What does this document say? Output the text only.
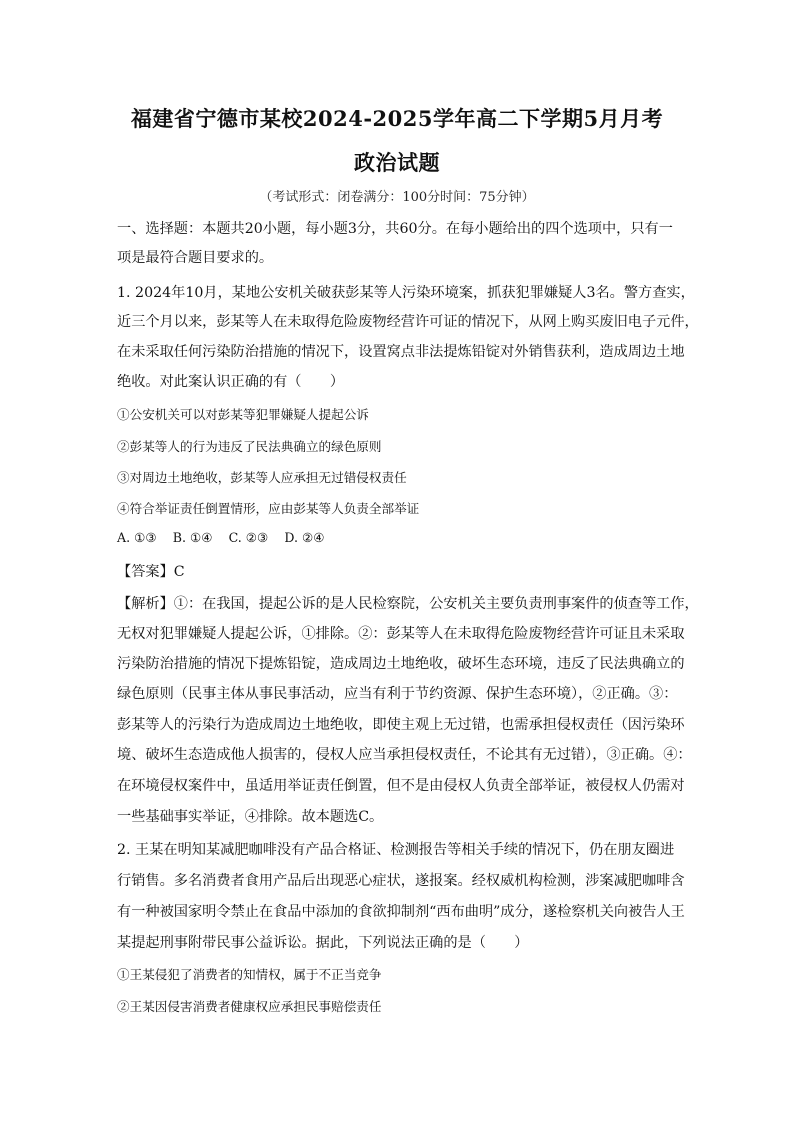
福建省宁德市某校2024-2025学年高二下学期5月月考
政治试题
（考试形式：闭卷满分：100分时间：75分钟）
一、选择题：本题共20小题，每小题3分，共60分。在每小题给出的四个选项中，只有一
项是最符合题目要求的。
1. 2024年10月，某地公安机关破获彭某等人污染环境案，抓获犯罪嫌疑人3名。警方查实，
近三个月以来，彭某等人在未取得危险废物经营许可证的情况下，从网上购买废旧电子元件，
在未采取任何污染防治措施的情况下，设置窝点非法提炼铅锭对外销售获利，造成周边土地
绝收。对此案认识正确的有（　　）
①公安机关可以对彭某等犯罪嫌疑人提起公诉
②彭某等人的行为违反了民法典确立的绿色原则
③对周边土地绝收，彭某等人应承担无过错侵权责任
④符合举证责任倒置情形，应由彭某等人负责全部举证
A. ①③ B. ①④ C. ②③ D. ②④
【答案】C
【解析】①：在我国，提起公诉的是人民检察院，公安机关主要负责刑事案件的侦查等工作，
无权对犯罪嫌疑人提起公诉，①排除。②：彭某等人在未取得危险废物经营许可证且未采取
污染防治措施的情况下提炼铅锭，造成周边土地绝收，破坏生态环境，违反了民法典确立的
绿色原则（民事主体从事民事活动，应当有利于节约资源、保护生态环境），②正确。③：
彭某等人的污染行为造成周边土地绝收，即使主观上无过错，也需承担侵权责任（因污染环
境、破坏生态造成他人损害的，侵权人应当承担侵权责任，不论其有无过错），③正确。④：
在环境侵权案件中，虽适用举证责任倒置，但不是由侵权人负责全部举证，被侵权人仍需对
一些基础事实举证，④排除。故本题选C。
2. 王某在明知某减肥咖啡没有产品合格证、检测报告等相关手续的情况下，仍在朋友圈进
行销售。多名消费者食用产品后出现恶心症状，遂报案。经权威机构检测，涉案减肥咖啡含
有一种被国家明令禁止在食品中添加的食欲抑制剂“西布曲明”成分，遂检察机关向被告人王
某提起刑事附带民事公益诉讼。据此，下列说法正确的是（　　）
①王某侵犯了消费者的知情权，属于不正当竞争
②王某因侵害消费者健康权应承担民事赔偿责任
